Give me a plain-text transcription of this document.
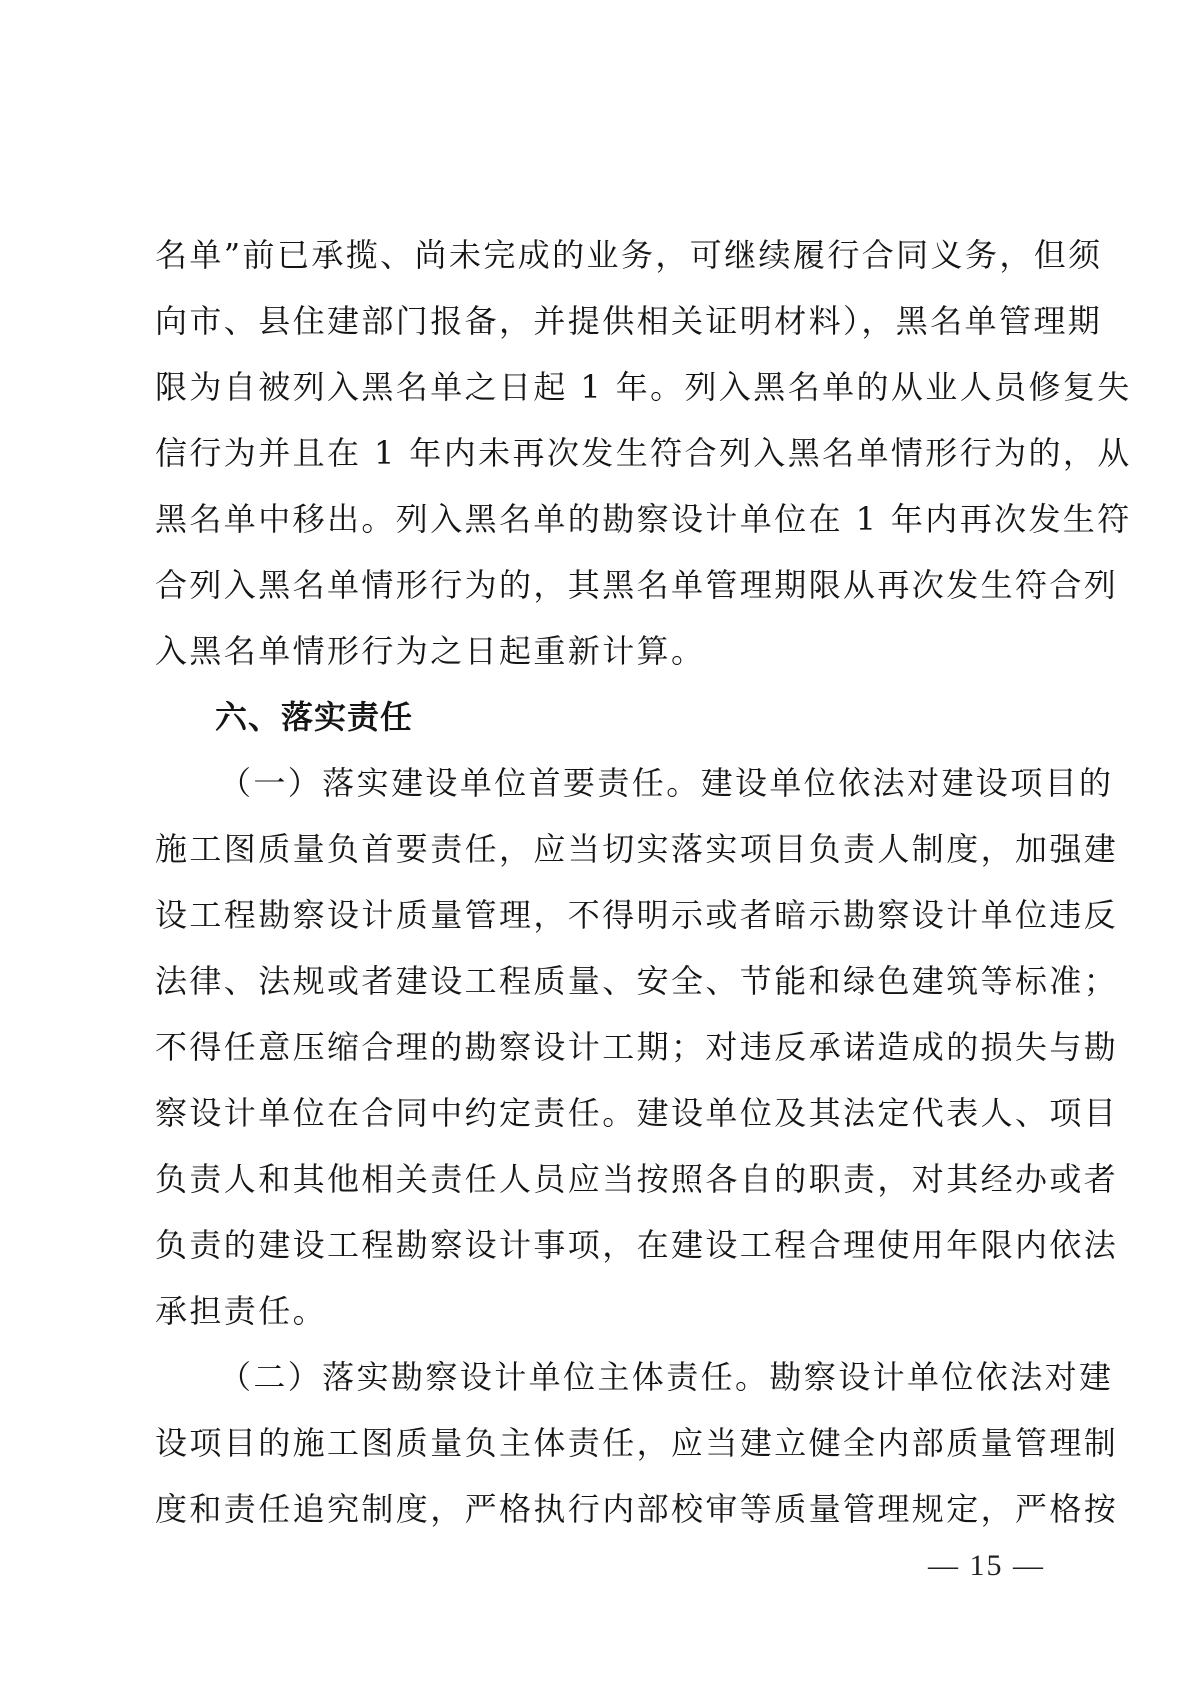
名单”前已承揽、尚未完成的业务，可继续履行合同义务，但须
向市、县住建部门报备，并提供相关证明材料），黑名单管理期
限为自被列入黑名单之日起 1 年。列入黑名单的从业人员修复失
信行为并且在 1 年内未再次发生符合列入黑名单情形行为的，从
黑名单中移出。列入黑名单的勘察设计单位在 1 年内再次发生符
合列入黑名单情形行为的，其黑名单管理期限从再次发生符合列
入黑名单情形行为之日起重新计算。
六、落实责任
（一）落实建设单位首要责任。建设单位依法对建设项目的
施工图质量负首要责任，应当切实落实项目负责人制度，加强建
设工程勘察设计质量管理，不得明示或者暗示勘察设计单位违反
法律、法规或者建设工程质量、安全、节能和绿色建筑等标准；
不得任意压缩合理的勘察设计工期；对违反承诺造成的损失与勘
察设计单位在合同中约定责任。建设单位及其法定代表人、项目
负责人和其他相关责任人员应当按照各自的职责，对其经办或者
负责的建设工程勘察设计事项，在建设工程合理使用年限内依法
承担责任。
（二）落实勘察设计单位主体责任。勘察设计单位依法对建
设项目的施工图质量负主体责任，应当建立健全内部质量管理制
度和责任追究制度，严格执行内部校审等质量管理规定，严格按
— 15 —
